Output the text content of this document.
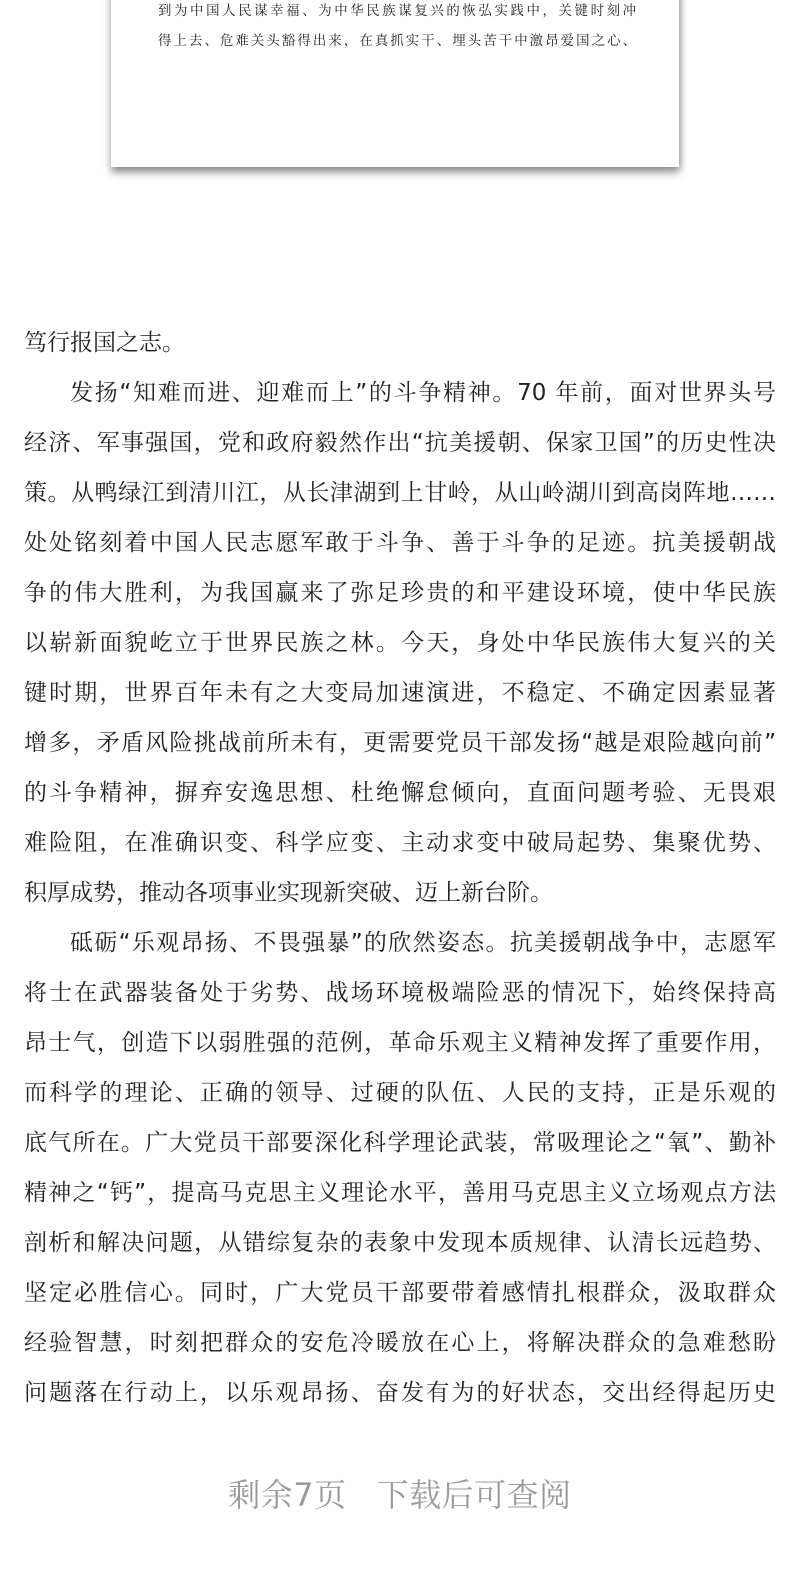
到为中国人民谋幸福、为中华民族谋复兴的恢弘实践中，关键时刻冲
得上去、危难关头豁得出来，在真抓实干、埋头苦干中激昂爱国之心、
笃行报国之志。
发扬“知难而进、迎难而上”的斗争精神。70 年前，面对世界头号
经济、军事强国，党和政府毅然作出“抗美援朝、保家卫国”的历史性决
策。从鸭绿江到清川江，从长津湖到上甘岭，从山岭湖川到高岗阵地……
处处铭刻着中国人民志愿军敢于斗争、善于斗争的足迹。抗美援朝战
争的伟大胜利，为我国赢来了弥足珍贵的和平建设环境，使中华民族
以崭新面貌屹立于世界民族之林。今天，身处中华民族伟大复兴的关
键时期，世界百年未有之大变局加速演进，不稳定、不确定因素显著
增多，矛盾风险挑战前所未有，更需要党员干部发扬“越是艰险越向前”
的斗争精神，摒弃安逸思想、杜绝懈怠倾向，直面问题考验、无畏艰
难险阻，在准确识变、科学应变、主动求变中破局起势、集聚优势、
积厚成势，推动各项事业实现新突破、迈上新台阶。
砥砺“乐观昂扬、不畏强暴”的欣然姿态。抗美援朝战争中，志愿军
将士在武器装备处于劣势、战场环境极端险恶的情况下，始终保持高
昂士气，创造下以弱胜强的范例，革命乐观主义精神发挥了重要作用，
而科学的理论、正确的领导、过硬的队伍、人民的支持，正是乐观的
底气所在。广大党员干部要深化科学理论武装，常吸理论之“氧”、勤补
精神之“钙”，提高马克思主义理论水平，善用马克思主义立场观点方法
剖析和解决问题，从错综复杂的表象中发现本质规律、认清长远趋势、
坚定必胜信心。同时，广大党员干部要带着感情扎根群众，汲取群众
经验智慧，时刻把群众的安危冷暖放在心上，将解决群众的急难愁盼
问题落在行动上，以乐观昂扬、奋发有为的好状态，交出经得起历史
剩余7页 下载后可查阅
